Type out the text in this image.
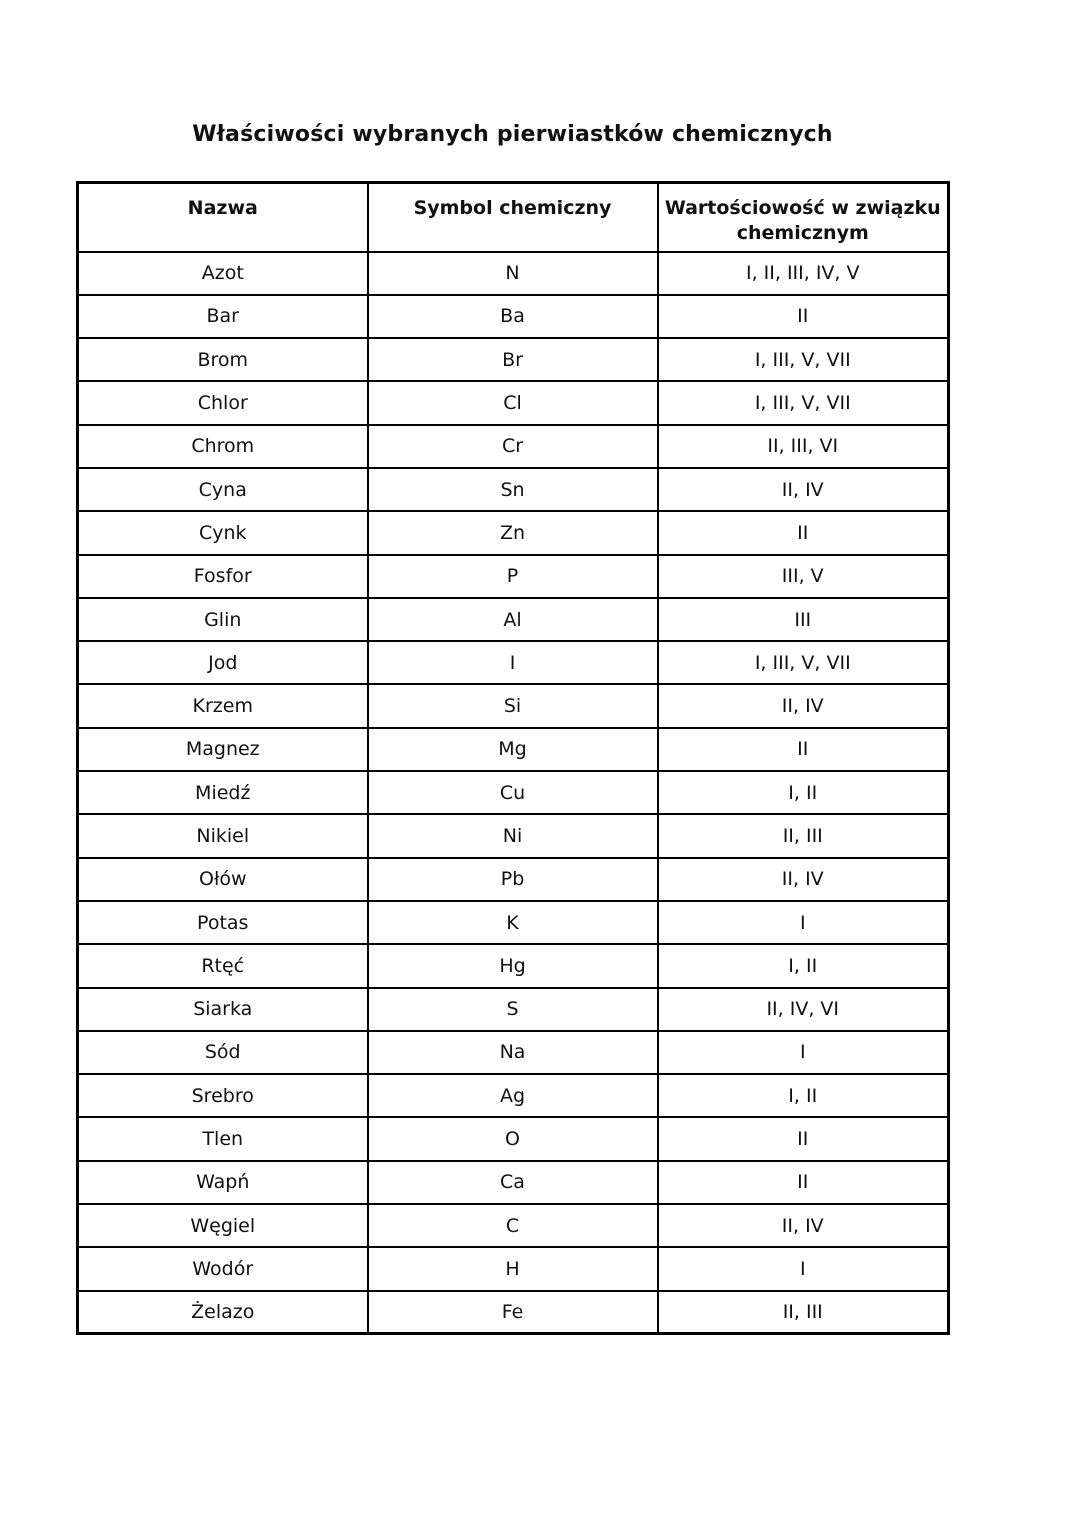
Właściwości wybranych pierwiastków chemicznych
Nazwa	Symbol chemiczny	Wartościowość w związku chemicznym
Azot	N	I, II, III, IV, V
Bar	Ba	II
Brom	Br	I, III, V, VII
Chlor	Cl	I, III, V, VII
Chrom	Cr	II, III, VI
Cyna	Sn	II, IV
Cynk	Zn	II
Fosfor	P	III, V
Glin	Al	III
Jod	I	I, III, V, VII
Krzem	Si	II, IV
Magnez	Mg	II
Miedź	Cu	I, II
Nikiel	Ni	II, III
Ołów	Pb	II, IV
Potas	K	I
Rtęć	Hg	I, II
Siarka	S	II, IV, VI
Sód	Na	I
Srebro	Ag	I, II
Tlen	O	II
Wapń	Ca	II
Węgiel	C	II, IV
Wodór	H	I
Żelazo	Fe	II, III
